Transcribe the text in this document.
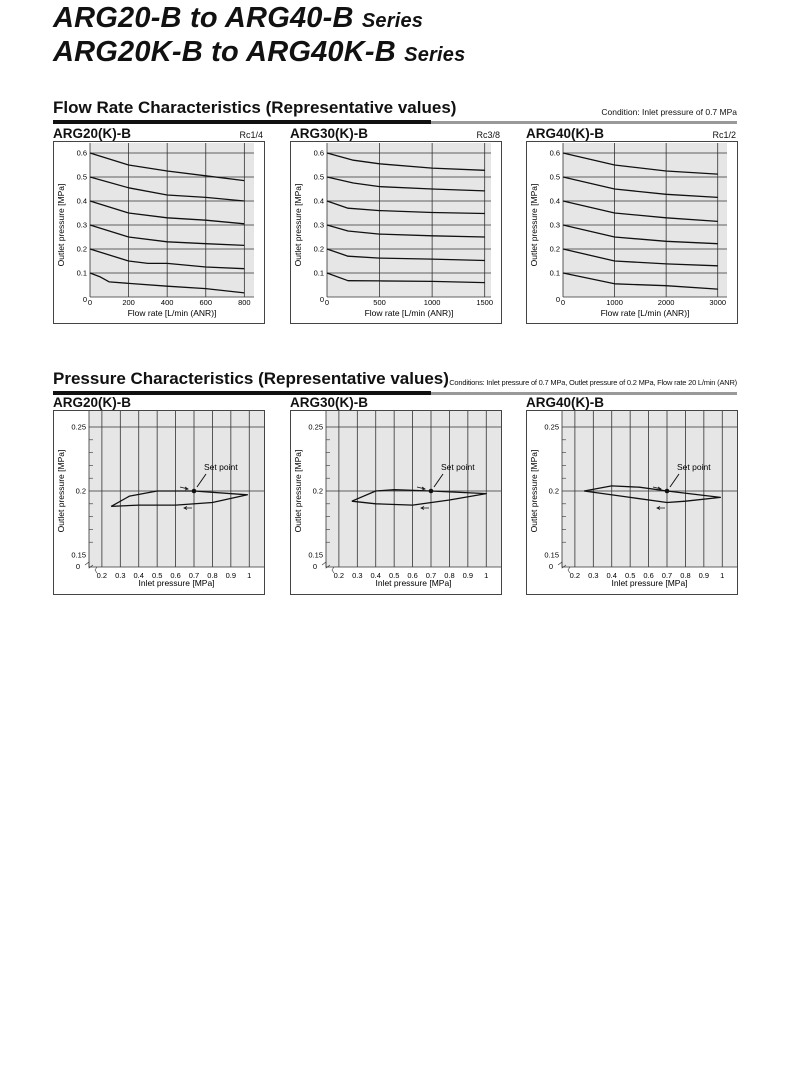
ARG20-B to ARG40-B Series
ARG20K-B to ARG40K-B Series
Flow Rate Characteristics (Representative values)	Condition: Inlet pressure of 0.7 MPa
Pressure Characteristics (Representative values) Conditions: Inlet pressure of 0.7 MPa, Outlet pressure of 0.2 MPa, Flow rate 20 L/min (ANR)
ARG20(K)-B	Rc1/4
0	200	400	600	800
0
0.1
0.2
0.3
0.4
0.5
0.6
Flow rate [L/min (ANR)]
Outlet pressure [MPa]
ARG30(K)-B	Rc3/8
0	500	1000	1500
0
0.1
0.2
0.3
0.4
0.5
0.6
Flow rate [L/min (ANR)]
Outlet pressure [MPa]
ARG40(K)-B	Rc1/2
0	1000	2000	3000
0
0.1
0.2
0.3
0.4
0.5
0.6
Flow rate [L/min (ANR)]
Outlet pressure [MPa]
ARG20(K)-B
0.2 0.3 0.4 0.5 0.6 0.7 0.8 0.9 1
0
0.15
0.2
0.25
Set point
Inlet pressure [MPa]
Outlet pressure [MPa]
ARG30(K)-B
0.2 0.3 0.4 0.5 0.6 0.7 0.8 0.9 1
0
0.15
0.2
0.25
Set point
Inlet pressure [MPa]
Outlet pressure [MPa]
ARG40(K)-B
0.2 0.3 0.4 0.5 0.6 0.7 0.8 0.9 1
0
0.15
0.2
0.25
Set point
Inlet pressure [MPa]
Outlet pressure [MPa]
